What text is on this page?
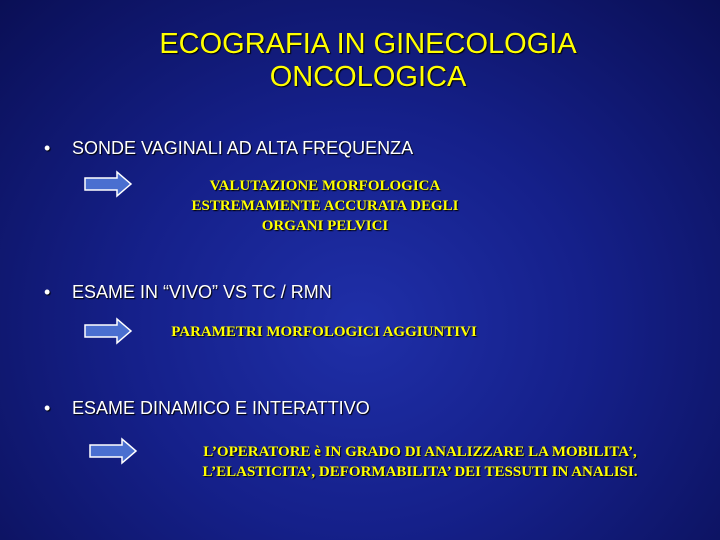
ECOGRAFIA IN GINECOLOGIA
ONCOLOGICA
• SONDE VAGINALI AD ALTA FREQUENZA
VALUTAZIONE MORFOLOGICA
ESTREMAMENTE ACCURATA DEGLI
ORGANI PELVICI
• ESAME IN “VIVO” VS TC / RMN
PARAMETRI MORFOLOGICI AGGIUNTIVI
• ESAME DINAMICO E INTERATTIVO
L’OPERATORE è IN GRADO DI ANALIZZARE LA MOBILITA’,
L’ELASTICITA’, DEFORMABILITA’ DEI TESSUTI IN ANALISI.
